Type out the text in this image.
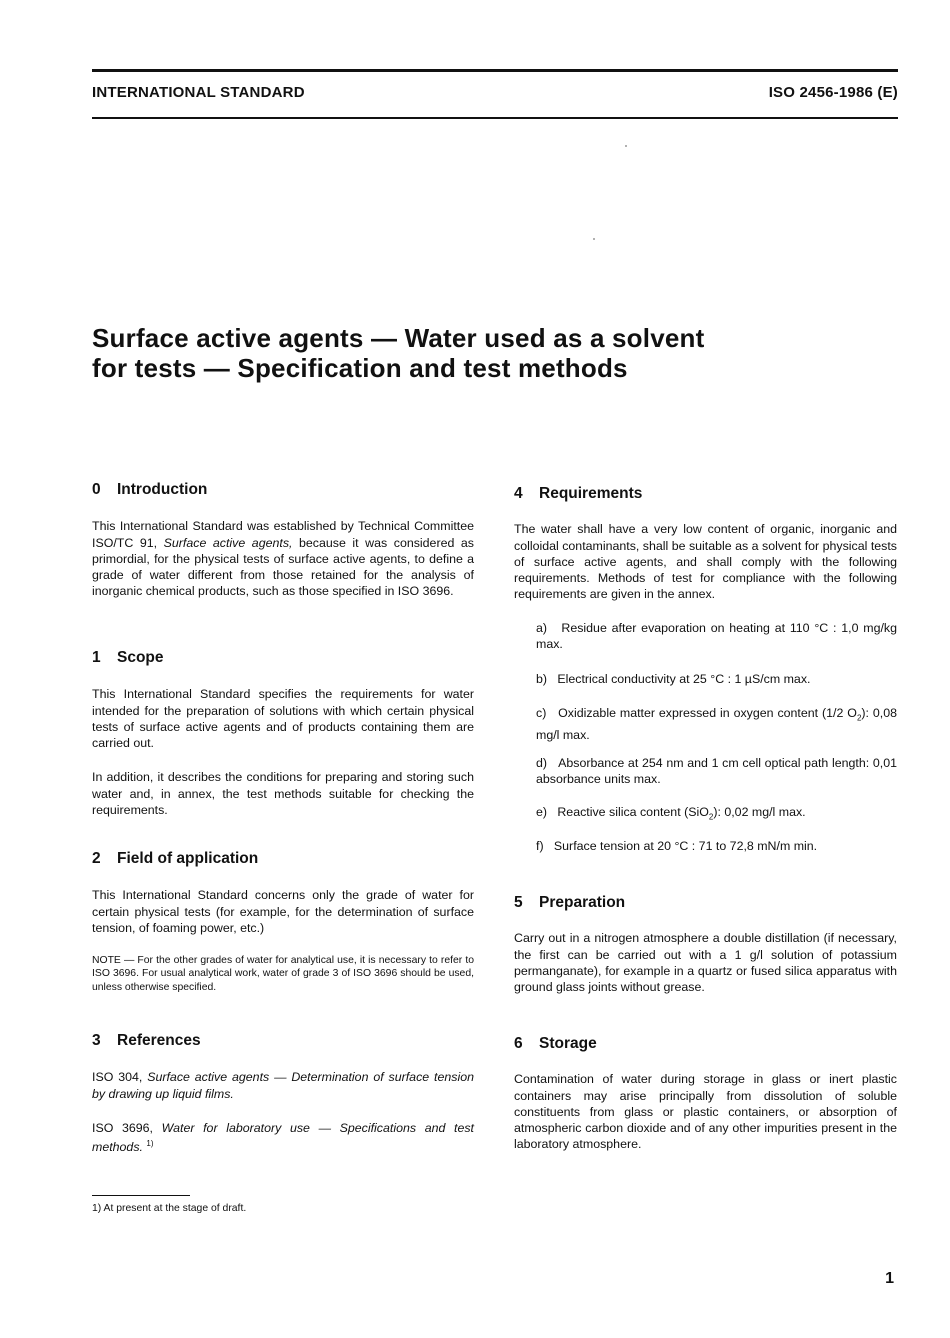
INTERNATIONAL STANDARD	ISO 2456-1986 (E)
Surface active agents — Water used as a solvent
for tests — Specification and test methods
0 Introduction

This International Standard was established by Technical Committee ISO/TC 91, Surface active agents, because it was considered as primordial, for the physical tests of surface active agents, to define a grade of water different from those retained for the analysis of inorganic chemical products, such as those specified in ISO 3696.

1 Scope

This International Standard specifies the requirements for water intended for the preparation of solutions with which certain physical tests of surface active agents and of products containing them are carried out.

In addition, it describes the conditions for preparing and storing such water and, in annex, the test methods suitable for checking the requirements.

2 Field of application

This International Standard concerns only the grade of water for certain physical tests (for example, for the determination of surface tension, of foaming power, etc.)

NOTE — For the other grades of water for analytical use, it is necessary to refer to ISO 3696. For usual analytical work, water of grade 3 of ISO 3696 should be used, unless otherwise specified.

3 References

ISO 304, Surface active agents — Determination of surface tension by drawing up liquid films.

ISO 3696, Water for laboratory use — Specifications and test methods. $^{1)}$

4 Requirements

The water shall have a very low content of organic, inorganic and colloidal contaminants, shall be suitable as a solvent for physical tests of surface active agents, and shall comply with the following requirements. Methods of test for compliance with the following requirements are given in the annex.

a) Residue after evaporation on heating at 110 °C : 1,0 mg/kg max.

b) Electrical conductivity at 25 °C : 1 µS/cm max.

c) Oxidizable matter expressed in oxygen content (1/2 $O_2$): 0,08 mg/l max.

d) Absorbance at 254 nm and 1 cm cell optical path length: 0,01 absorbance units max.

e) Reactive silica content (SiO$_2$): 0,02 mg/l max.

f) Surface tension at 20 °C : 71 to 72,8 mN/m min.

5 Preparation

Carry out in a nitrogen atmosphere a double distillation (if necessary, the first can be carried out with a 1 g/l solution of potassium permanganate), for example in a quartz or fused silica apparatus with ground glass joints without grease.

6 Storage

Contamination of water during storage in glass or inert plastic containers may arise principally from dissolution of soluble constituents from glass or plastic containers, or absorption of atmospheric carbon dioxide and of any other impurities present in the laboratory atmosphere.

1) At present at the stage of draft.
1
